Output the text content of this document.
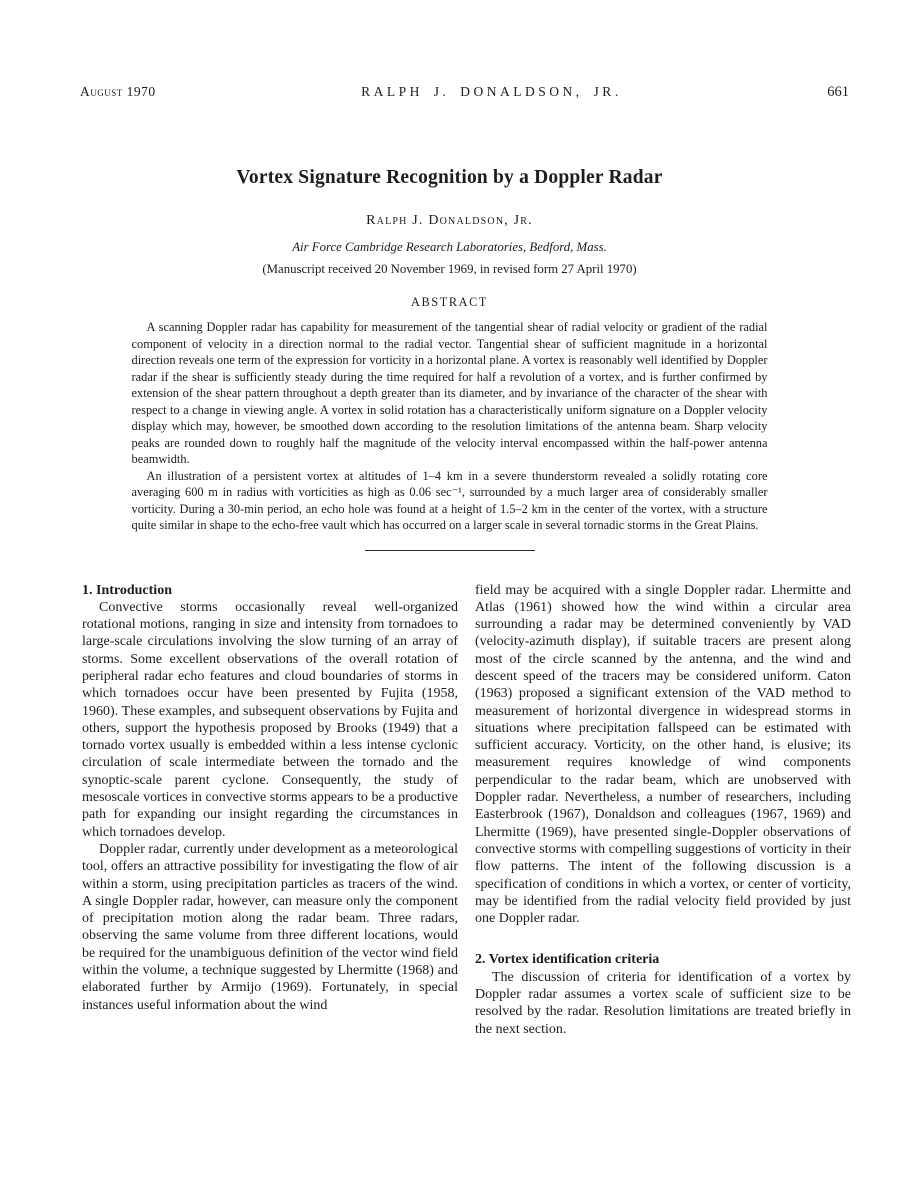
August 1970	RALPH J. DONALDSON, JR.	661
Vortex Signature Recognition by a Doppler Radar
Ralph J. Donaldson, Jr.
Air Force Cambridge Research Laboratories, Bedford, Mass.
(Manuscript received 20 November 1969, in revised form 27 April 1970)
ABSTRACT

A scanning Doppler radar has capability for measurement of the tangential shear of radial velocity or gradient of the radial component of velocity in a direction normal to the radial vector. Tangential shear of sufficient magnitude in a horizontal direction reveals one term of the expression for vorticity in a horizontal plane. A vortex is reasonably well identified by Doppler radar if the shear is sufficiently steady during the time required for half a revolution of a vortex, and is further confirmed by extension of the shear pattern throughout a depth greater than its diameter, and by invariance of the character of the shear with respect to a change in viewing angle. A vortex in solid rotation has a characteristically uniform signature on a Doppler velocity display which may, however, be smoothed down according to the resolution limitations of the antenna beam. Sharp velocity peaks are rounded down to roughly half the magnitude of the velocity interval encompassed within the half-power antenna beamwidth.

An illustration of a persistent vortex at altitudes of 1–4 km in a severe thunderstorm revealed a solidly rotating core averaging 600 m in radius with vorticities as high as 0.06 sec⁻¹, surrounded by a much larger area of considerably smaller vorticity. During a 30-min period, an echo hole was found at a height of 1.5–2 km in the center of the vortex, with a structure quite similar in shape to the echo-free vault which has occurred on a larger scale in several tornadic storms in the Great Plains.

1. Introduction

Convective storms occasionally reveal well-organized rotational motions, ranging in size and intensity from tornadoes to large-scale circulations involving the slow turning of an array of storms. Some excellent observations of the overall rotation of peripheral radar echo features and cloud boundaries of storms in which tornadoes occur have been presented by Fujita (1958, 1960). These examples, and subsequent observations by Fujita and others, support the hypothesis proposed by Brooks (1949) that a tornado vortex usually is embedded within a less intense cyclonic circulation of scale intermediate between the tornado and the synoptic-scale parent cyclone. Consequently, the study of mesoscale vortices in convective storms appears to be a productive path for expanding our insight regarding the circumstances in which tornadoes develop.

Doppler radar, currently under development as a meteorological tool, offers an attractive possibility for investigating the flow of air within a storm, using precipitation particles as tracers of the wind. A single Doppler radar, however, can measure only the component of precipitation motion along the radar beam. Three radars, observing the same volume from three different locations, would be required for the unambiguous definition of the vector wind field within the volume, a technique suggested by Lhermitte (1968) and elaborated further by Armijo (1969). Fortunately, in special instances useful information about the wind

field may be acquired with a single Doppler radar. Lhermitte and Atlas (1961) showed how the wind within a circular area surrounding a radar may be determined conveniently by VAD (velocity-azimuth display), if suitable tracers are present along most of the circle scanned by the antenna, and the wind and descent speed of the tracers may be considered uniform. Caton (1963) proposed a significant extension of the VAD method to measurement of horizontal divergence in widespread storms in situations where precipitation fallspeed can be estimated with sufficient accuracy. Vorticity, on the other hand, is elusive; its measurement requires knowledge of wind components perpendicular to the radar beam, which are unobserved with Doppler radar. Nevertheless, a number of researchers, including Easterbrook (1967), Donaldson and colleagues (1967, 1969) and Lhermitte (1969), have presented single-Doppler observations of convective storms with compelling suggestions of vorticity in their flow patterns. The intent of the following discussion is a specification of conditions in which a vortex, or center of vorticity, may be identified from the radial velocity field provided by just one Doppler radar.

2. Vortex identification criteria

The discussion of criteria for identification of a vortex by Doppler radar assumes a vortex scale of sufficient size to be resolved by the radar. Resolution limitations are treated briefly in the next section.
